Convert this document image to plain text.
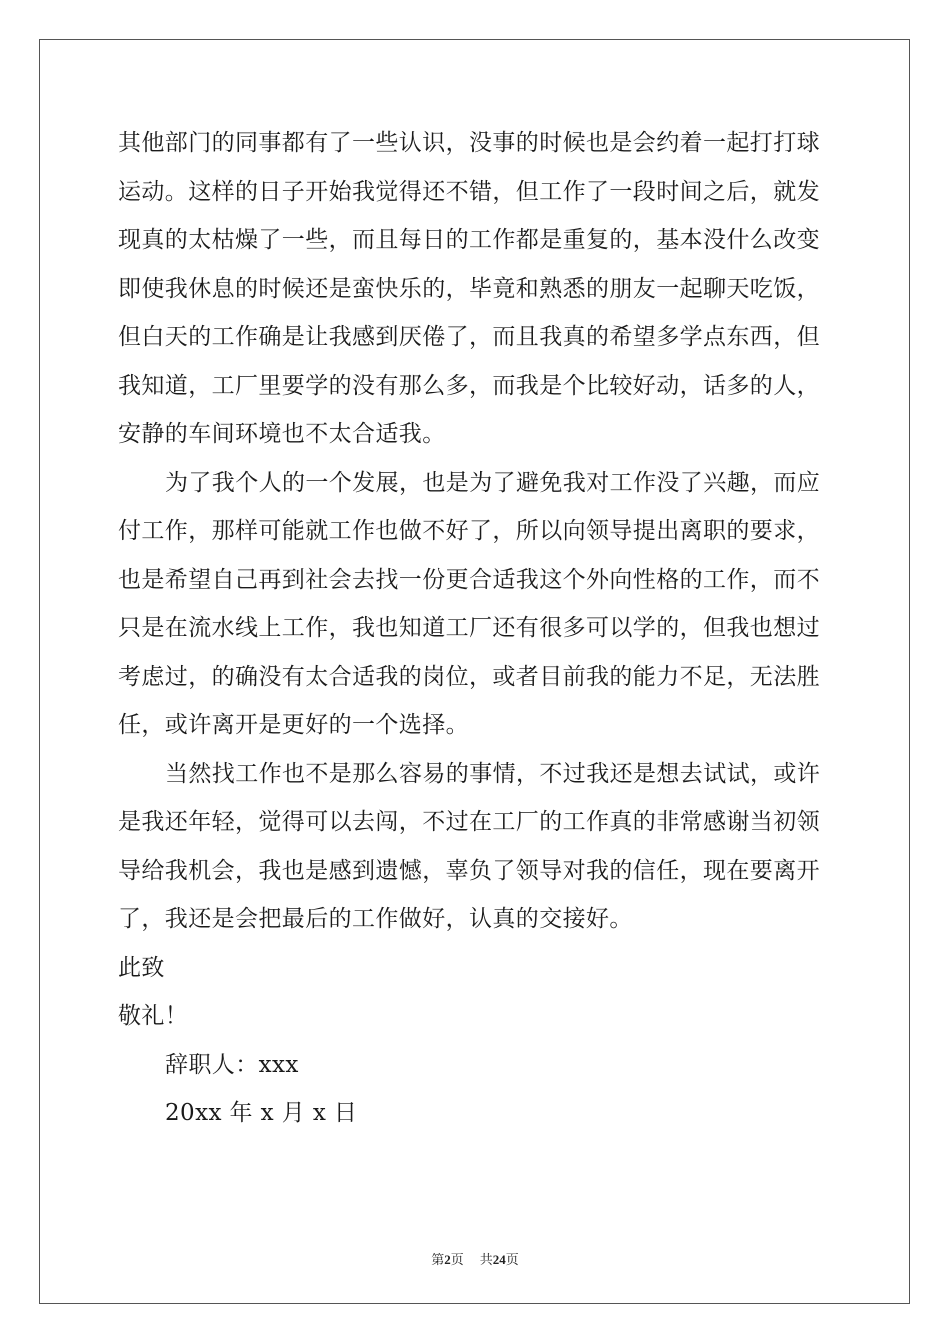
其他部门的同事都有了一些认识，没事的时候也是会约着一起打打球
运动。这样的日子开始我觉得还不错，但工作了一段时间之后，就发
现真的太枯燥了一些，而且每日的工作都是重复的，基本没什么改变
即使我休息的时候还是蛮快乐的，毕竟和熟悉的朋友一起聊天吃饭，
但白天的工作确是让我感到厌倦了，而且我真的希望多学点东西，但
我知道，工厂里要学的没有那么多，而我是个比较好动，话多的人，
安静的车间环境也不太合适我。
为了我个人的一个发展，也是为了避免我对工作没了兴趣，而应
付工作，那样可能就工作也做不好了，所以向领导提出离职的要求，
也是希望自己再到社会去找一份更合适我这个外向性格的工作，而不
只是在流水线上工作，我也知道工厂还有很多可以学的，但我也想过
考虑过，的确没有太合适我的岗位，或者目前我的能力不足，无法胜
任，或许离开是更好的一个选择。
当然找工作也不是那么容易的事情，不过我还是想去试试，或许
是我还年轻，觉得可以去闯，不过在工厂的工作真的非常感谢当初领
导给我机会，我也是感到遗憾，辜负了领导对我的信任，现在要离开
了，我还是会把最后的工作做好，认真的交接好。
此致
敬礼！
辞职人：xxx
20xx 年 x 月 x 日
第2页 共24页
